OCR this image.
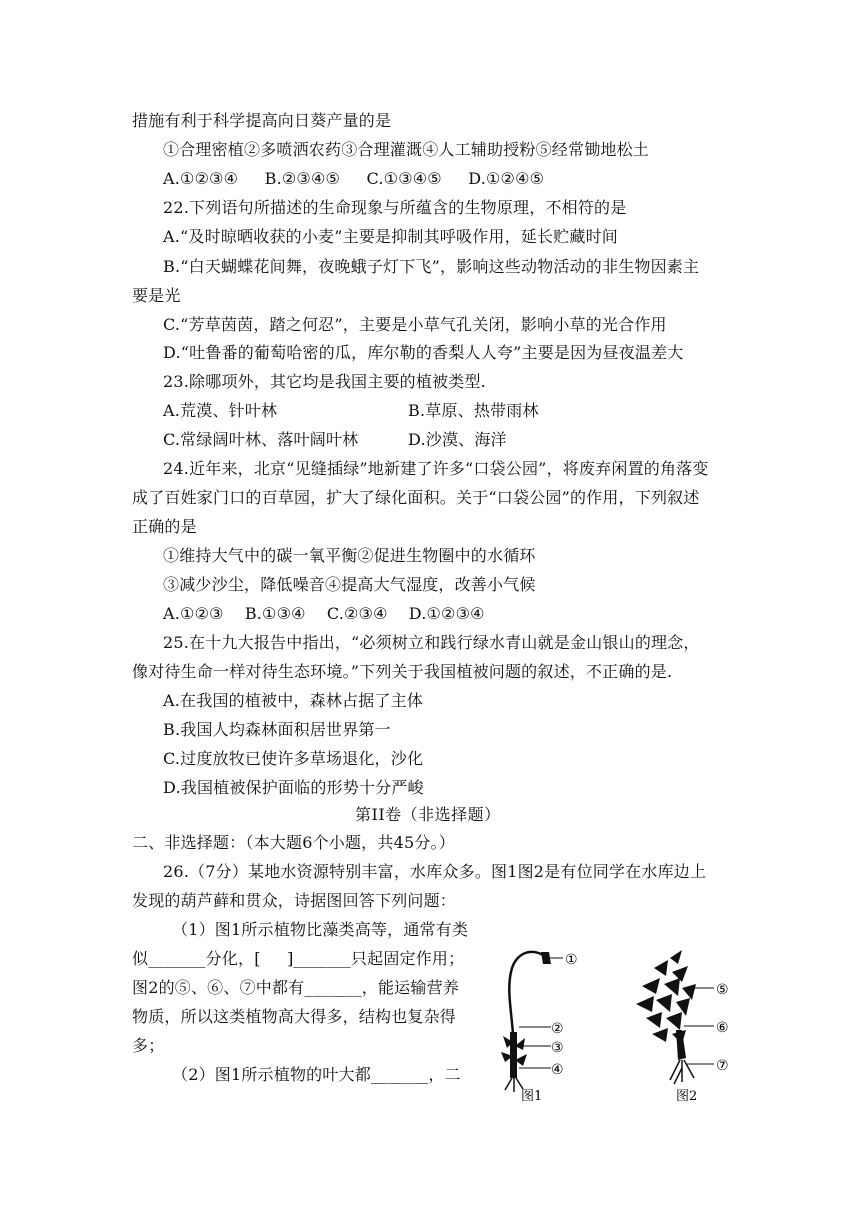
措施有利于科学提高向日葵产量的是
①合理密植②多喷洒农药③合理灌溉④人工辅助授粉⑤经常锄地松土
A.①②③④     B.②③④⑤     C.①③④⑤     D.①②④⑤
22.下列语句所描述的生命现象与所蕴含的生物原理，不相符的是
A.“及时晾晒收获的小麦”主要是抑制其呼吸作用，延长贮藏时间
B.“白天蝴蝶花间舞，夜晚蛾子灯下飞”，影响这些动物活动的非生物因素主
要是光
C.“芳草茵茵，踏之何忍”，主要是小草气孔关闭，影响小草的光合作用
D.“吐鲁番的葡萄哈密的瓜，库尔勒的香梨人人夸”主要是因为昼夜温差大
23.除哪项外，其它均是我国主要的植被类型.
A.荒漠、针叶林	B.草原、热带雨林
C.常绿阔叶林、落叶阔叶林	D.沙漠、海洋
24.近年来，北京“见缝插绿”地新建了许多“口袋公园”，将废弃闲置的角落变
成了百姓家门口的百草园，扩大了绿化面积。关于“口袋公园”的作用，下列叙述
正确的是
①维持大气中的碳一氧平衡②促进生物圈中的水循环
③减少沙尘，降低噪音④提高大气湿度，改善小气候
A.①②③    B.①③④    C.②③④    D.①②③④
25.在十九大报告中指出，“必须树立和践行绿水青山就是金山银山的理念，
像对待生命一样对待生态环境。”下列关于我国植被问题的叙述，不正确的是.
A.在我国的植被中，森林占据了主体
B.我国人均森林面积居世界第一
C.过度放牧已使许多草场退化，沙化
D.我国植被保护面临的形势十分严峻
第II卷（非选择题）
二、非选择题：（本大题6个小题，共45分。）
26.（7分）某地水资源特别丰富，水库众多。图1图2是有位同学在水库边上
发现的葫芦藓和贯众，诗据图回答下列问题：
（1）图1所示植物比藻类高等，通常有类
似_______分化，[     ]_______只起固定作用；
图2的⑤、⑥、⑦中都有_______，能运输营养
物质，所以这类植物高大得多，结构也复杂得
多；
（2）图1所示植物的叶大都_______，二
①
②
③
④
图1
⑤
⑥
⑦
图2
